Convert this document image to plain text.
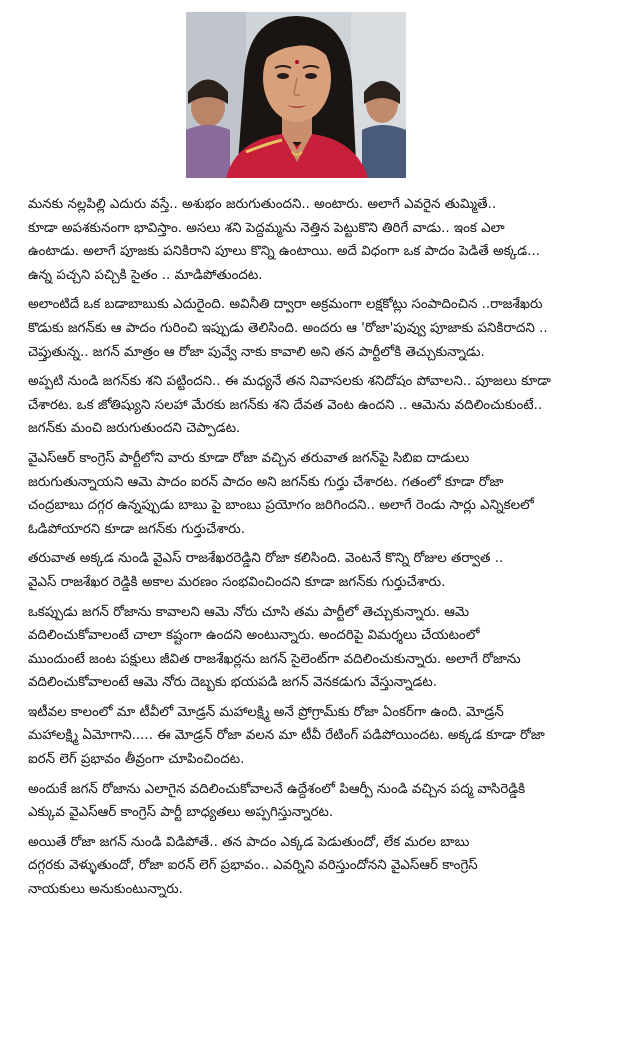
మనకు నల్లపిల్లి ఎదురు వస్తే.. అశుభం జరుగుతుందని.. అంటారు. అలాగే ఎవరైన తుమ్మితే..
కూడా అపశకునంగా భావిస్తాం. అసలు శని పెద్దమ్మను నెత్తిన పెట్టుకొని తిరిగే వాడు.. ఇంక ఎలా
ఉంటాడు. అలాగే పూజకు పనికిరాని పూలు కొన్ని ఉంటాయి. అదే విధంగా ఒక పాదం పెడితే అక్కడ...
ఉన్న పచ్చని పచ్చికి సైతం .. మాడిపోతుందట.

అలాంటిదే ఒక బడాబాబుకు ఎదురైంది. అవినీతి ద్వారా అక్రమంగా లక్షకోట్లు సంపాదించిన ..రాజశేఖరు
కొడుకు జగన్‌కు ఆ పాదం గురించి ఇప్పుడు తెలిసింది. అందరు ఆ 'రోజా'పువ్వు పూజాకు పనికిరాదని ..
చెప్తుతున్న.. జగన్ మాత్రం ఆ రోజా పువ్వే నాకు కావాలి అని తన పార్టీలోకి తెచ్చుకున్నాడు.

అప్పటి నుండి జగన్‌కు శని పట్టిందని.. ఈ మధ్యనే తన నివాసలకు శనిదోషం పోవాలని.. పూజలు కూడా
చేశారట. ఒక జోతిష్యుని సలహా మేరకు జగన్‌కు శని దేవత వెంట ఉందని .. ఆమెను వదిలించుకుంటే..
జగన్‌కు మంచి జరుగుతుందని చెప్పాడట.

వైఎస్ఆర్ కాంగ్రెస్ పార్టీలోని వారు కూడా రోజా వచ్చిన తరువాత జగన్‌పై సిబిఐ దాడులు
జరుగుతున్నాయని ఆమె పాదం ఐరన్ పాదం అని జగన్‌కు గుర్తు చేశారట. గతంలో కూడా రోజా
చంద్రబాబు దగ్గర ఉన్నప్పుడు బాబు పై బాంబు ప్రయోగం జరిగిందని.. అలాగే రెండు సార్లు ఎన్నికలలో
ఓడిపోయారని కూడా జగన్‌కు గుర్తుచేశారు.

తరువాత అక్కడ నుండి వైఎస్ రాజశేఖరరెడ్డిని రోజా కలిసింది. వెంటనే కొన్ని రోజుల తర్వాత ..
వైఎస్ రాజశేఖర రెడ్డికి అకాల మరణం సంభవించిందని కూడా జగన్‌కు గుర్తుచేశారు.

ఒకప్పుడు జగన్ రోజాను కావాలని ఆమె నోరు చూసి తమ పార్టీలో తెచ్చుకున్నారు. ఆమె
వదిలించుకోవాలంటే చాలా కష్టంగా ఉందని అంటున్నారు. అందరిపై విమర్శలు చేయటంలో
ముందుంటే జంట పక్షులు జీవిత రాజశేఖర్లను జగన్ సైలెంట్‌గా వదిలించుకున్నారు. అలాగే రోజాను
వదిలించుకోవాలంటే ఆమె నోరు దెబ్బకు భయపడి జగన్ వెనకడుగు వేస్తున్నాడట.

ఇటీవల కాలంలో మా టీవీలో మోడ్రన్ మహాలక్ష్మి అనే ప్రోగ్రామ్‌కు రోజా ఏంకర్‌గా ఉంది. మోడ్రన్
మహాలక్ష్మి ఏమోగాని..... ఈ మోడ్రన్ రోజా వలన మా టీవీ రేటింగ్ పడిపోయిందట. అక్కడ కూడా రోజా
ఐరన్ లెగ్ ప్రభావం తీవ్రంగా చూపించిందట.

అందుకే జగన్ రోజాను ఎలాగైన వదిలించుకోవాలనే ఉద్దేశంలో పిఆర్పీ నుండి వచ్చిన పద్మ వాసిరెడ్డికి
ఎక్కువ వైఎస్ఆర్ కాంగ్రెస్ పార్టీ బాధ్యతలు అప్పగిస్తున్నారట.

అయితే రోజా జగన్ నుండి విడిపోతే.. తన పాదం ఎక్కడ పెడుతుందో, లేక మరల బాబు
దగ్గరకు వెళ్ళుతుందో, రోజా ఐరన్ లెగ్ ప్రభావం.. ఎవర్నిని వరిస్తుందోనని వైఎస్ఆర్ కాంగ్రెస్
నాయకులు అనుకుంటున్నారు.
